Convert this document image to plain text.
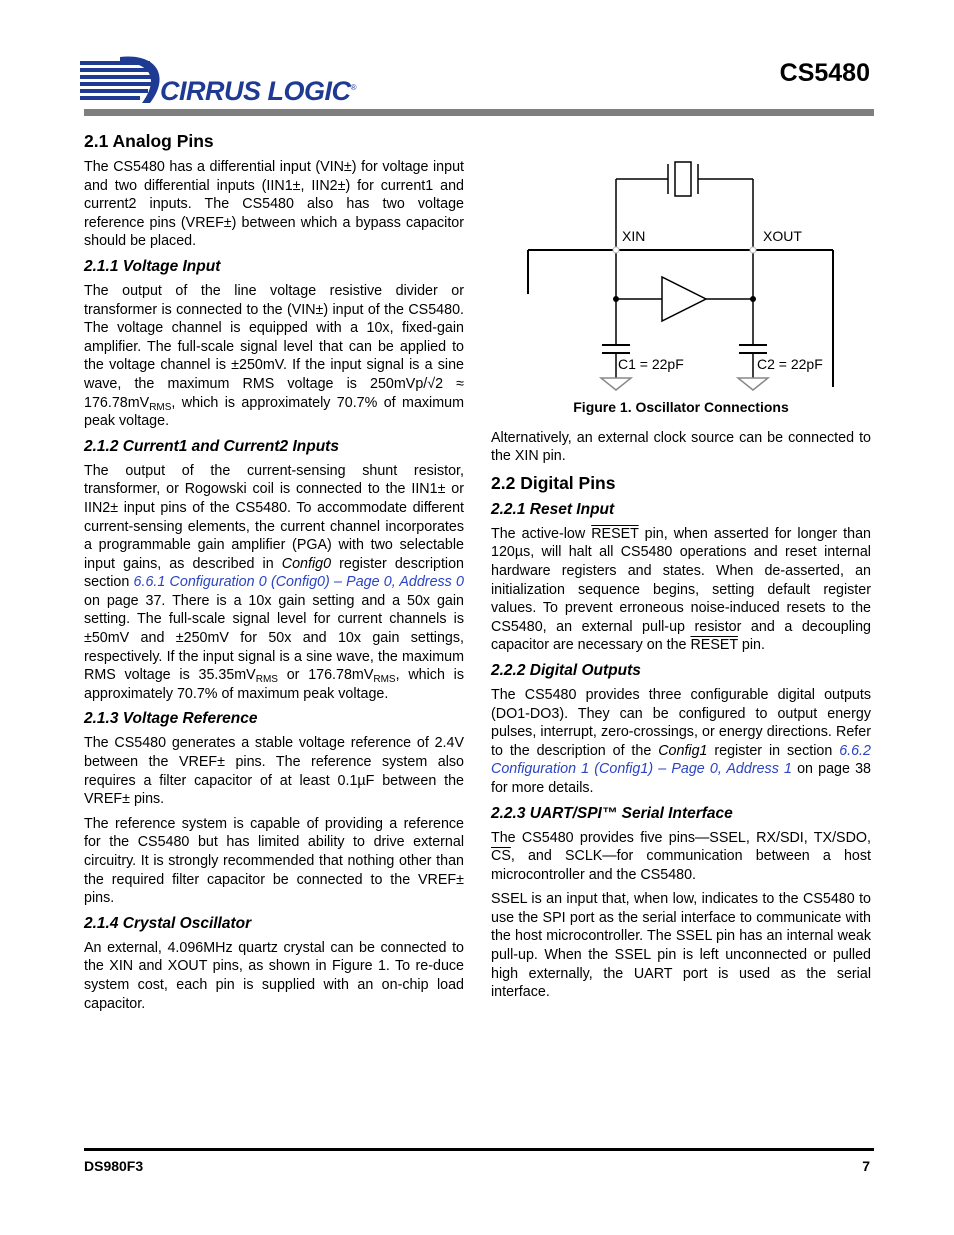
CIRRUS LOGIC®
CS5480
2.1 Analog Pins

The CS5480 has a differential input (VIN±) for voltage input and two differential inputs (IIN1±, IIN2±) for current1 and current2 inputs. The CS5480 also has two voltage reference pins (VREF±) between which a bypass capacitor should be placed.

2.1.1 Voltage Input

The output of the line voltage resistive divider or transformer is connected to the (VIN±) input of the CS5480. The voltage channel is equipped with a 10x, fixed-gain amplifier. The full-scale signal level that can be applied to the voltage channel is ±250mV. If the input signal is a sine wave, the maximum RMS voltage is $250mVp/√2 \approx 176.78mV_{RMS}$, which is approximately 70.7% of maximum peak voltage.

2.1.2 Current1 and Current2 Inputs

The output of the current-sensing shunt resistor, transformer, or Rogowski coil is connected to the IIN1± or IIN2± input pins of the CS5480. To accommodate different current-sensing elements, the current channel incorporates a programmable gain amplifier (PGA) with two selectable input gains, as described in Config0 register description section 6.6.1 Configuration 0 (Config0) – Page 0, Address 0 on page 37. There is a 10x gain setting and a 50x gain setting. The full-scale signal level for current channels is ±50mV and ±250mV for 50x and 10x gain settings, respectively. If the input signal is a sine wave, the maximum RMS voltage is $35.35mV_{RMS}$ or $176.78mV_{RMS}$, which is approximately 70.7% of maximum peak voltage.

2.1.3 Voltage Reference

The CS5480 generates a stable voltage reference of 2.4V between the VREF± pins. The reference system also requires a filter capacitor of at least 0.1µF between the VREF± pins.

The reference system is capable of providing a reference for the CS5480 but has limited ability to drive external circuitry. It is strongly recommended that nothing other than the required filter capacitor be connected to the VREF± pins.

2.1.4 Crystal Oscillator

An external, 4.096MHz quartz crystal can be connected to the XIN and XOUT pins, as shown in Figure 1. To re-duce system cost, each pin is supplied with an on-chip load capacitor.

XIN	XOUT
C1 = 22pF	C2 = 22pF
Figure 1. Oscillator Connections

Alternatively, an external clock source can be connected to the XIN pin.

2.2 Digital Pins
2.2.1 Reset Input

The active-low RESET pin, when asserted for longer than 120µs, will halt all CS5480 operations and reset internal hardware registers and states. When de-asserted, an initialization sequence begins, setting default register values. To prevent erroneous noise-induced resets to the CS5480, an external pull-up resistor and a decoupling capacitor are necessary on the RESET pin.

2.2.2 Digital Outputs

The CS5480 provides three configurable digital outputs (DO1-DO3). They can be configured to output energy pulses, interrupt, zero-crossings, or energy directions. Refer to the description of the Config1 register in section 6.6.2 Configuration 1 (Config1) – Page 0, Address 1 on page 38 for more details.

2.2.3 UART/SPI™ Serial Interface

The CS5480 provides five pins—SSEL, RX/SDI, TX/SDO, $\overline{CS}$, and SCLK—for communication between a host microcontroller and the CS5480.

SSEL is an input that, when low, indicates to the CS5480 to use the SPI port as the serial interface to communicate with the host microcontroller. The SSEL pin has an internal weak pull-up. When the SSEL pin is left unconnected or pulled high externally, the UART port is used as the serial interface.

DS980F3	7
